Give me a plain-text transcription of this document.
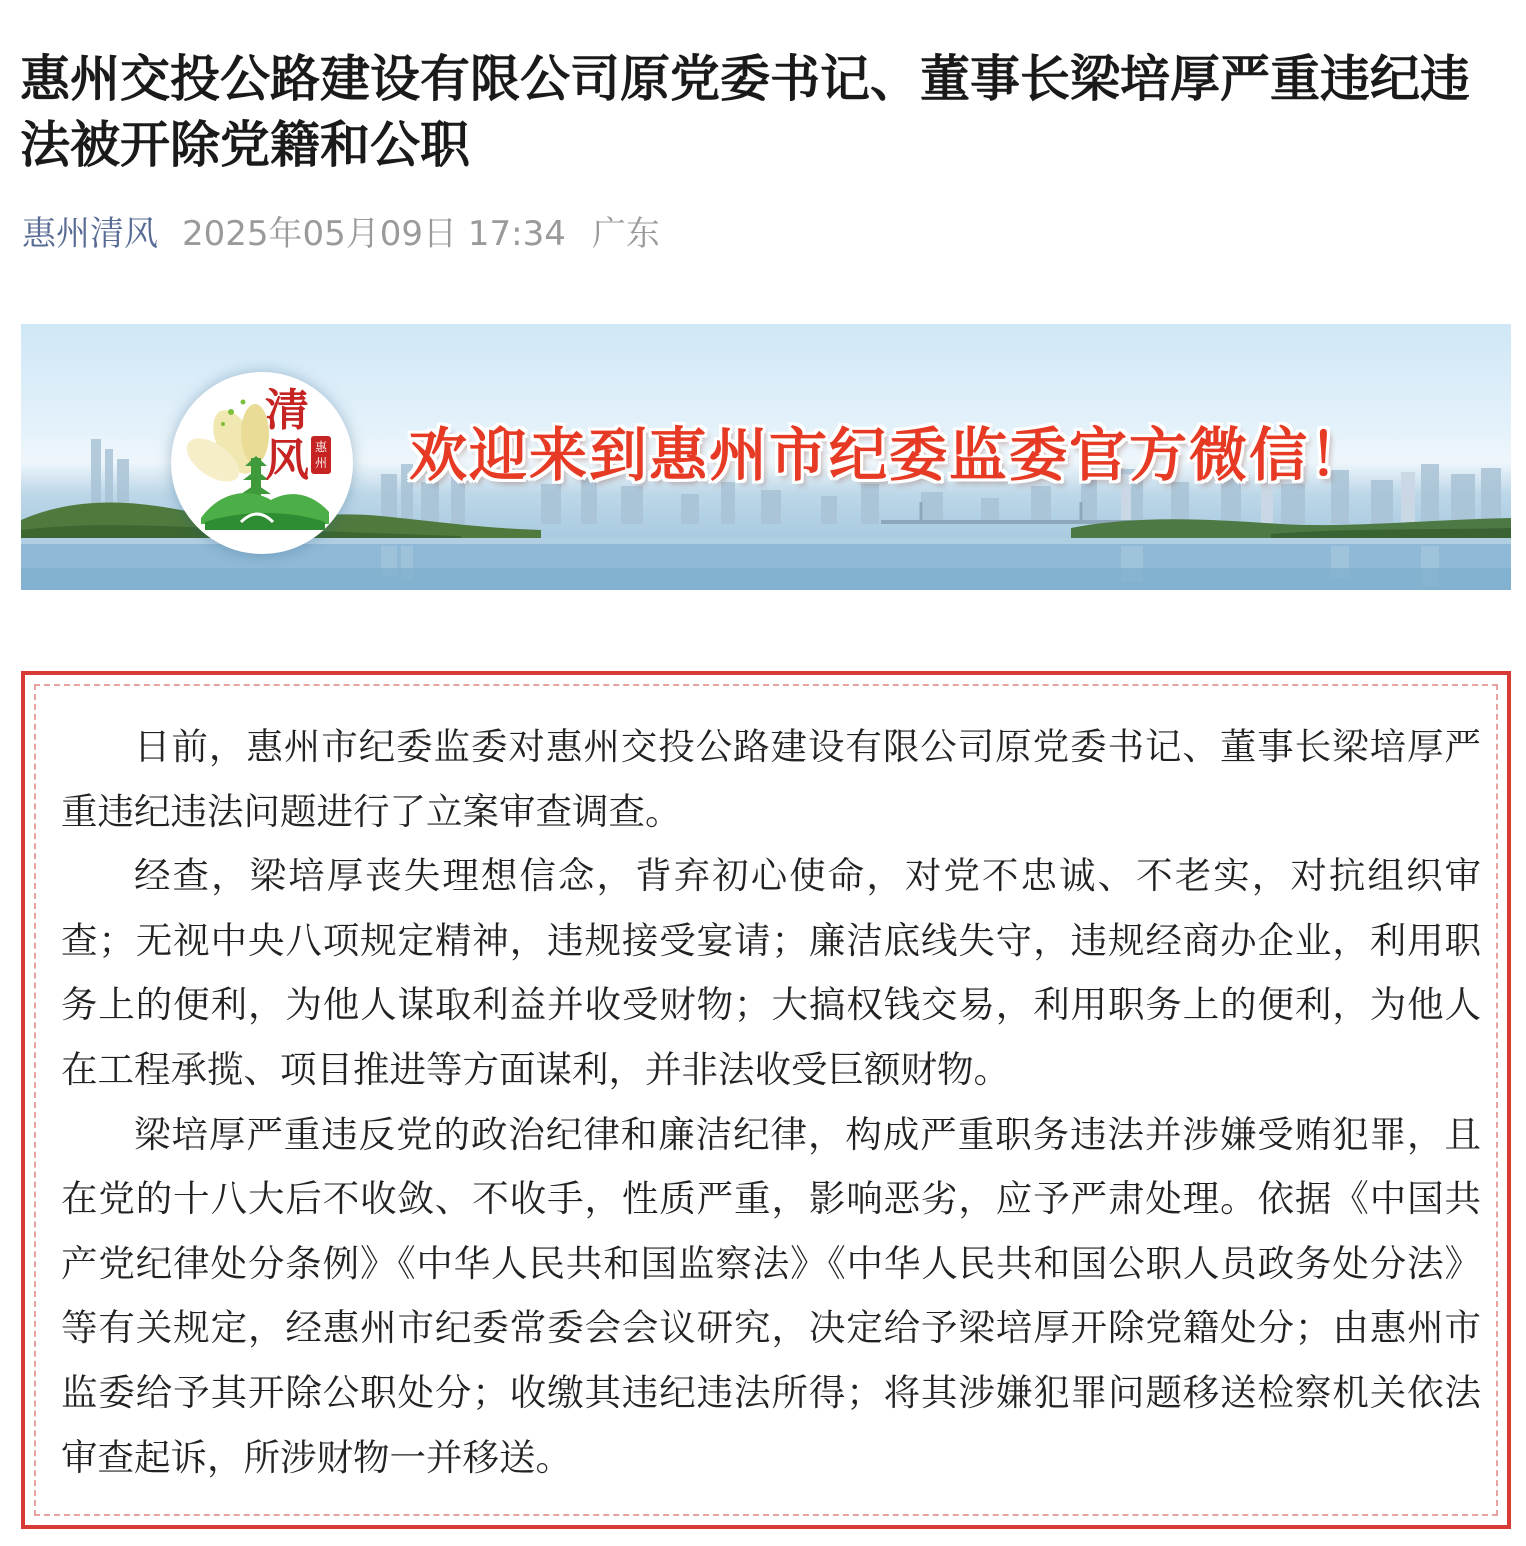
惠州交投公路建设有限公司原党委书记、董事长梁培厚严重违纪违法被开除党籍和公职
惠州清风 2025年05月09日 17:34 广东
清
风 惠州 欢迎来到惠州市纪委监委官方微信！

日前，惠州市纪委监委对惠州交投公路建设有限公司原党委书记、董事长梁培厚严重违纪违法问题进行了立案审查调查。

经查，梁培厚丧失理想信念，背弃初心使命，对党不忠诚、不老实，对抗组织审查；无视中央八项规定精神，违规接受宴请；廉洁底线失守，违规经商办企业，利用职务上的便利，为他人谋取利益并收受财物；大搞权钱交易，利用职务上的便利，为他人在工程承揽、项目推进等方面谋利，并非法收受巨额财物。

梁培厚严重违反党的政治纪律和廉洁纪律，构成严重职务违法并涉嫌受贿犯罪，且在党的十八大后不收敛、不收手，性质严重，影响恶劣，应予严肃处理。依据《中国共产党纪律处分条例》《中华人民共和国监察法》《中华人民共和国公职人员政务处分法》等有关规定，经惠州市纪委常委会会议研究，决定给予梁培厚开除党籍处分；由惠州市监委给予其开除公职处分；收缴其违纪违法所得；将其涉嫌犯罪问题移送检察机关依法审查起诉，所涉财物一并移送。
